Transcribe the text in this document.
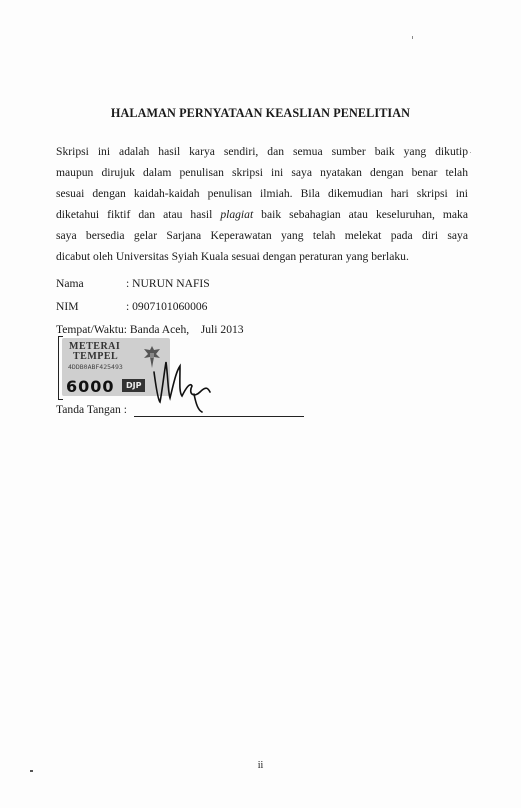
HALAMAN PERNYATAAN KEASLIAN PENELITIAN

Skripsi ini adalah hasil karya sendiri, dan semua sumber baik yang dikutip
maupun dirujuk dalam penulisan skripsi ini saya nyatakan dengan benar telah
sesuai dengan kaidah-kaidah penulisan ilmiah. Bila dikemudian hari skripsi ini
diketahui fiktif dan atau hasil plagiat baik sebahagian atau keseluruhan, maka
saya bersedia gelar Sarjana Keperawatan yang telah melekat pada diri saya
dicabut oleh Universitas Syiah Kuala sesuai dengan peraturan yang berlaku.

Nama	: NURUN NAFIS
NIM	: 0907101060006
Tempat/Waktu: Banda Aceh,    Juli 2013
METERAI
TEMPEL
4DDB0ABF425493
6000	DJP
Tanda Tangan :
ii
